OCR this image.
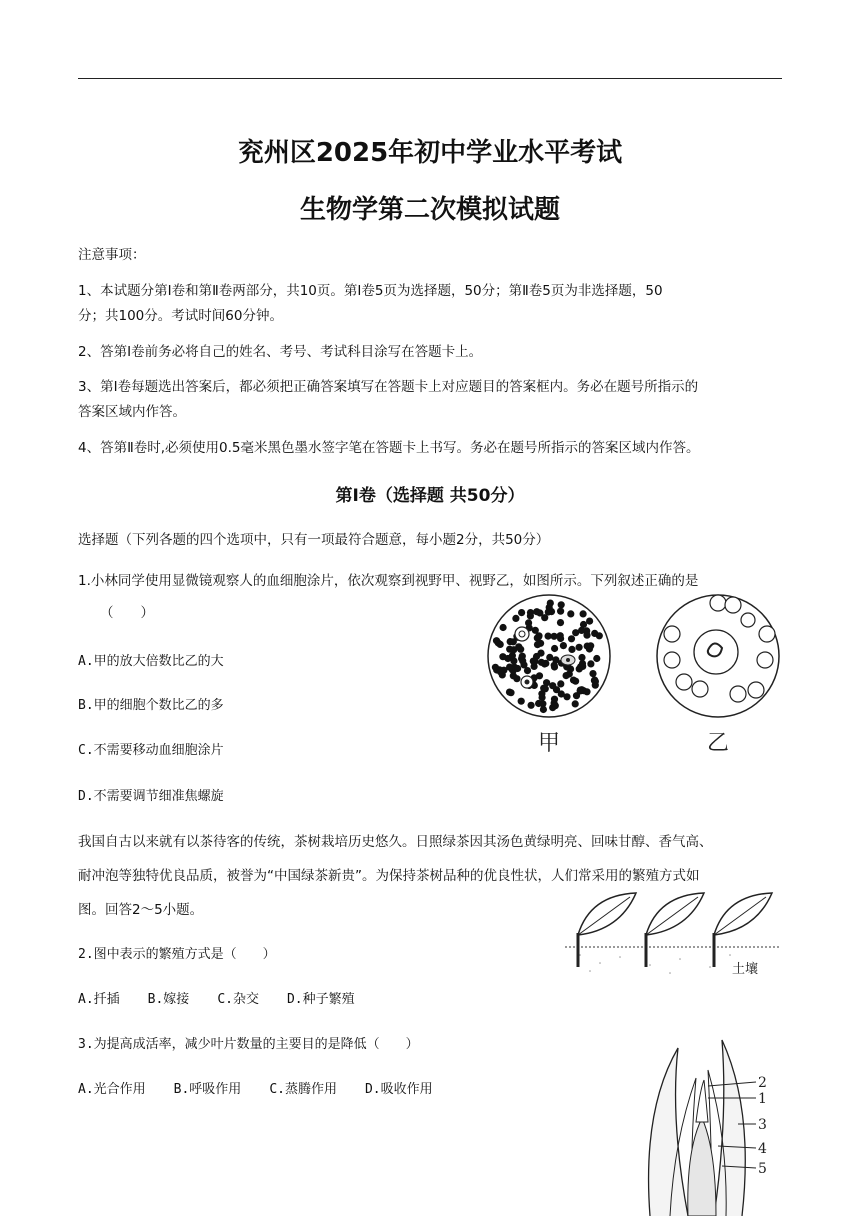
兖州区2025年初中学业水平考试
生物学第二次模拟试题
注意事项：
1、本试题分第Ⅰ卷和第Ⅱ卷两部分，共10页。第Ⅰ卷5页为选择题，50分；第Ⅱ卷5页为非选择题，50
分；共100分。考试时间60分钟。
2、答第Ⅰ卷前务必将自己的姓名、考号、考试科目涂写在答题卡上。
3、第Ⅰ卷每题选出答案后，都必须把正确答案填写在答题卡上对应题目的答案框内。务必在题号所指示的
答案区域内作答。
4、答第Ⅱ卷时,必须使用0.5毫米黑色墨水签字笔在答题卡上书写。务必在题号所指示的答案区域内作答。
第Ⅰ卷（选择题 共50分）
选择题（下列各题的四个选项中，只有一项最符合题意，每小题2分，共50分）
1.小林同学使用显微镜观察人的血细胞涂片，依次观察到视野甲、视野乙，如图所示。下列叙述正确的是
（　　）
A.甲的放大倍数比乙的大
B.甲的细胞个数比乙的多
C.不需要移动血细胞涂片
D.不需要调节细准焦螺旋
甲	乙
我国自古以来就有以茶待客的传统，茶树栽培历史悠久。日照绿茶因其汤色黄绿明亮、回味甘醇、香气高、
耐冲泡等独特优良品质，被誉为“中国绿茶新贵”。为保持茶树品种的优良性状，人们常采用的繁殖方式如
图。回答2～5小题。
土壤
2.图中表示的繁殖方式是（　　）
A.扦插 B.嫁接 C.杂交 D.种子繁殖
3.为提高成活率，减少叶片数量的主要目的是降低（　　）
A.光合作用 B.呼吸作用 C.蒸腾作用 D.吸收作用	2
1
3
4
5
